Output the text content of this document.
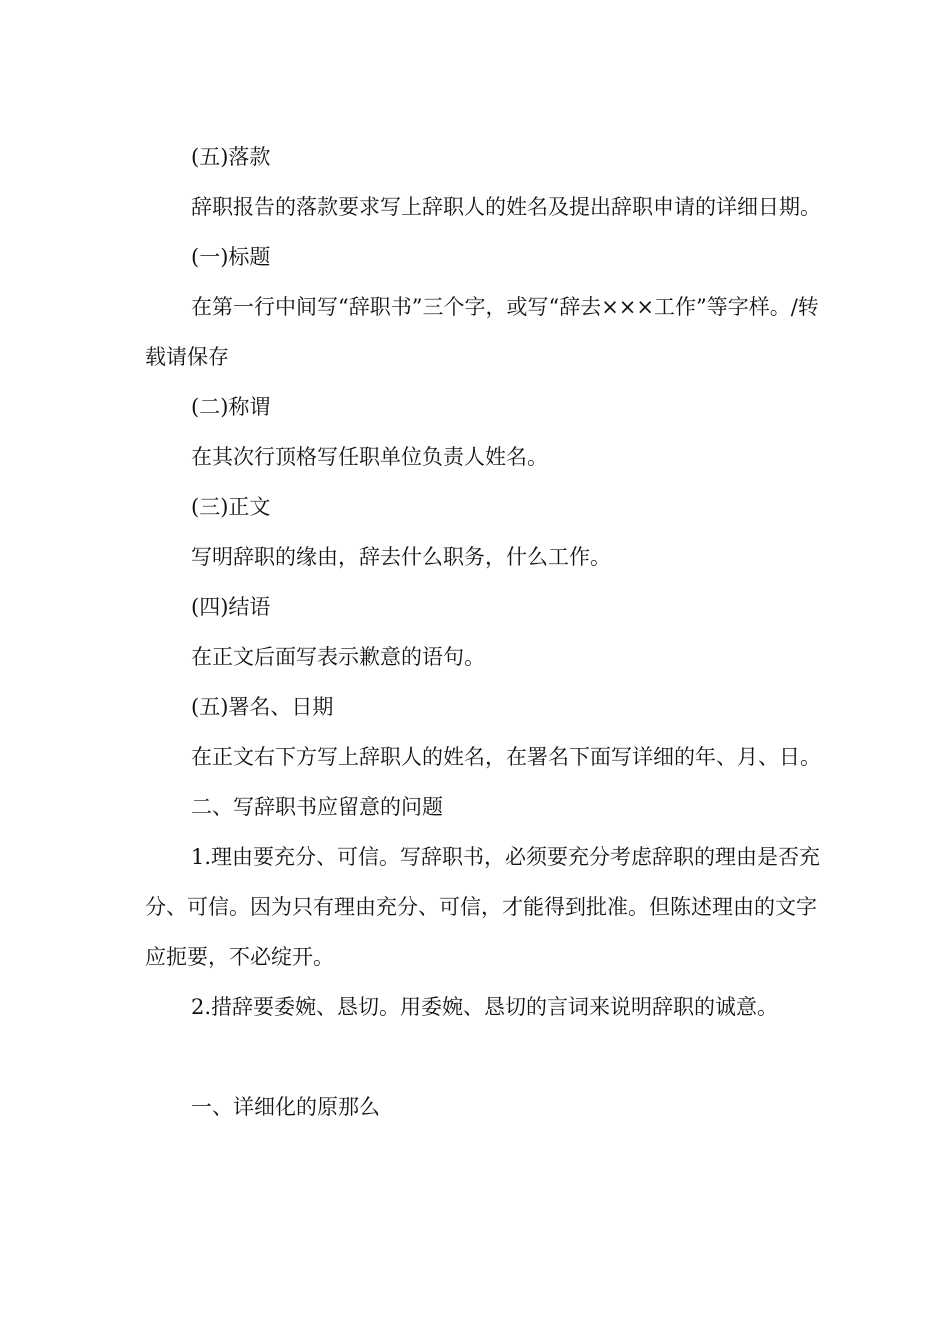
(五)落款

辞职报告的落款要求写上辞职人的姓名及提出辞职申请的详细日期。

(一)标题

在第一行中间写“辞职书”三个字，或写“辞去×××工作”等字样。/转载请保存

(二)称谓

在其次行顶格写任职单位负责人姓名。

(三)正文

写明辞职的缘由，辞去什么职务，什么工作。

(四)结语

在正文后面写表示歉意的语句。

(五)署名、日期

在正文右下方写上辞职人的姓名，在署名下面写详细的年、月、日。

二、写辞职书应留意的问题

1.理由要充分、可信。写辞职书，必须要充分考虑辞职的理由是否充分、可信。因为只有理由充分、可信，才能得到批准。但陈述理由的文字应扼要，不必绽开。

2.措辞要委婉、恳切。用委婉、恳切的言词来说明辞职的诚意。

一、详细化的原那么
